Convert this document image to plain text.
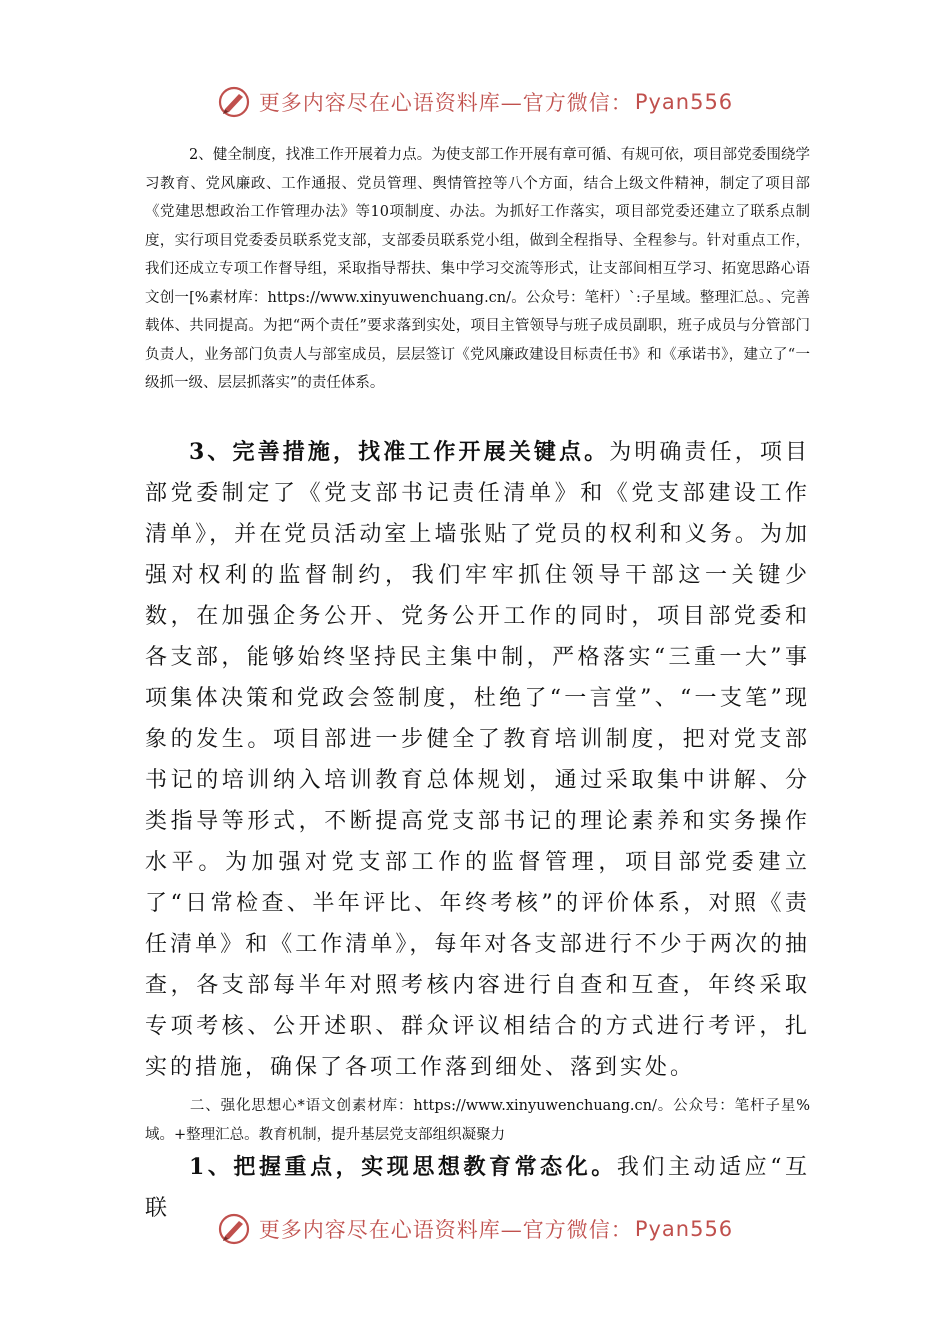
更多内容尽在心语资料库—官方微信： Pyan556

2、健全制度，找准工作开展着力点。为使支部工作开展有章可循、有规可依，项目部党委围绕学习教育、党风廉政、工作通报、党员管理、舆情管控等八个方面，结合上级文件精神，制定了项目部《党建思想政治工作管理办法》等10项制度、办法。为抓好工作落实，项目部党委还建立了联系点制度，实行项目党委委员联系党支部，支部委员联系党小组，做到全程指导、全程参与。针对重点工作，我们还成立专项工作督导组，采取指导帮扶、集中学习交流等形式，让支部间相互学习、拓宽思路心语文创一[%素材库：https://www.xinyuwenchuang.cn/。公众号：笔杆）`:子星域。整理汇总。、完善载体、共同提高。为把“两个责任”要求落到实处，项目主管领导与班子成员副职，班子成员与分管部门负责人，业务部门负责人与部室成员，层层签订《党风廉政建设目标责任书》和《承诺书》，建立了“一级抓一级、层层抓落实”的责任体系。

3、完善措施，找准工作开展关键点。为明确责任，项目部党委制定了《党支部书记责任清单》和《党支部建设工作清单》，并在党员活动室上墙张贴了党员的权利和义务。为加强对权利的监督制约，我们牢牢抓住领导干部这一关键少数，在加强企务公开、党务公开工作的同时，项目部党委和各支部，能够始终坚持民主集中制，严格落实“三重一大”事项集体决策和党政会签制度，杜绝了“一言堂”、“一支笔”现象的发生。项目部进一步健全了教育培训制度，把对党支部书记的培训纳入培训教育总体规划，通过采取集中讲解、分类指导等形式，不断提高党支部书记的理论素养和实务操作水平。为加强对党支部工作的监督管理，项目部党委建立了“日常检查、半年评比、年终考核”的评价体系，对照《责任清单》和《工作清单》，每年对各支部进行不少于两次的抽查，各支部每半年对照考核内容进行自查和互查，年终采取专项考核、公开述职、群众评议相结合的方式进行考评，扎实的措施，确保了各项工作落到细处、落到实处。

二、强化思想心*语文创素材库：https://www.xinyuwenchuang.cn/。公众号：笔杆子星%域。+整理汇总。教育机制，提升基层党支部组织凝聚力

1、把握重点，实现思想教育常态化。我们主动适应“互联

更多内容尽在心语资料库—官方微信： Pyan556
